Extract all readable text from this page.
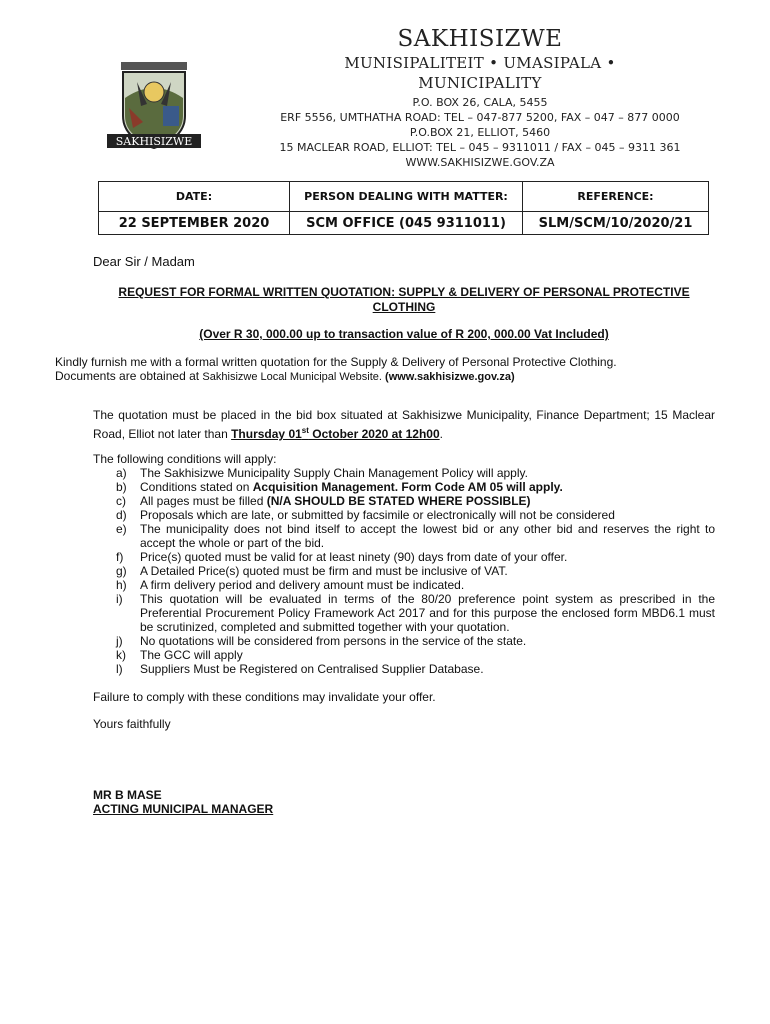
SAKHISIZWE
SAKHISIZWE
MUNISIPALITEIT • UMASIPALA •
MUNICIPALITY
P.O. BOX 26, CALA, 5455
ERF 5556, UMTHATHA ROAD: TEL – 047-877 5200, FAX – 047 – 877 0000
P.O.BOX 21, ELLIOT, 5460
15 MACLEAR ROAD, ELLIOT: TEL – 045 – 9311011 / FAX – 045 – 9311 361
WWW.SAKHISIZWE.GOV.ZA
DATE:	PERSON DEALING WITH MATTER:	REFERENCE:
22 SEPTEMBER 2020	SCM OFFICE (045 9311011)	SLM/SCM/10/2020/21
Dear Sir / Madam
REQUEST FOR FORMAL WRITTEN QUOTATION: SUPPLY & DELIVERY OF PERSONAL PROTECTIVE CLOTHING
(Over R 30, 000.00 up to transaction value of R 200, 000.00 Vat Included)
Kindly furnish me with a formal written quotation for the Supply & Delivery of Personal Protective Clothing.
Documents are obtained at Sakhisizwe Local Municipal Website. (www.sakhisizwe.gov.za)
The quotation must be placed in the bid box situated at Sakhisizwe Municipality, Finance Department; 15 Maclear Road, Elliot not later than Thursday 01st October 2020 at 12h00.
The following conditions will apply:
a) The Sakhisizwe Municipality Supply Chain Management Policy will apply.
b) Conditions stated on Acquisition Management. Form Code AM 05 will apply.
c) All pages must be filled (N/A SHOULD BE STATED WHERE POSSIBLE)
d) Proposals which are late, or submitted by facsimile or electronically will not be considered
e) The municipality does not bind itself to accept the lowest bid or any other bid and reserves the right to accept the whole or part of the bid.
f) Price(s) quoted must be valid for at least ninety (90) days from date of your offer.
g) A Detailed Price(s) quoted must be firm and must be inclusive of VAT.
h) A firm delivery period and delivery amount must be indicated.
i) This quotation will be evaluated in terms of the 80/20 preference point system as prescribed in the Preferential Procurement Policy Framework Act 2017 and for this purpose the enclosed form MBD6.1 must be scrutinized, completed and submitted together with your quotation.
j) No quotations will be considered from persons in the service of the state.
k) The GCC will apply
l) Suppliers Must be Registered on Centralised Supplier Database.
Failure to comply with these conditions may invalidate your offer.
Yours faithfully
MR B MASE
ACTING MUNICIPAL MANAGER
